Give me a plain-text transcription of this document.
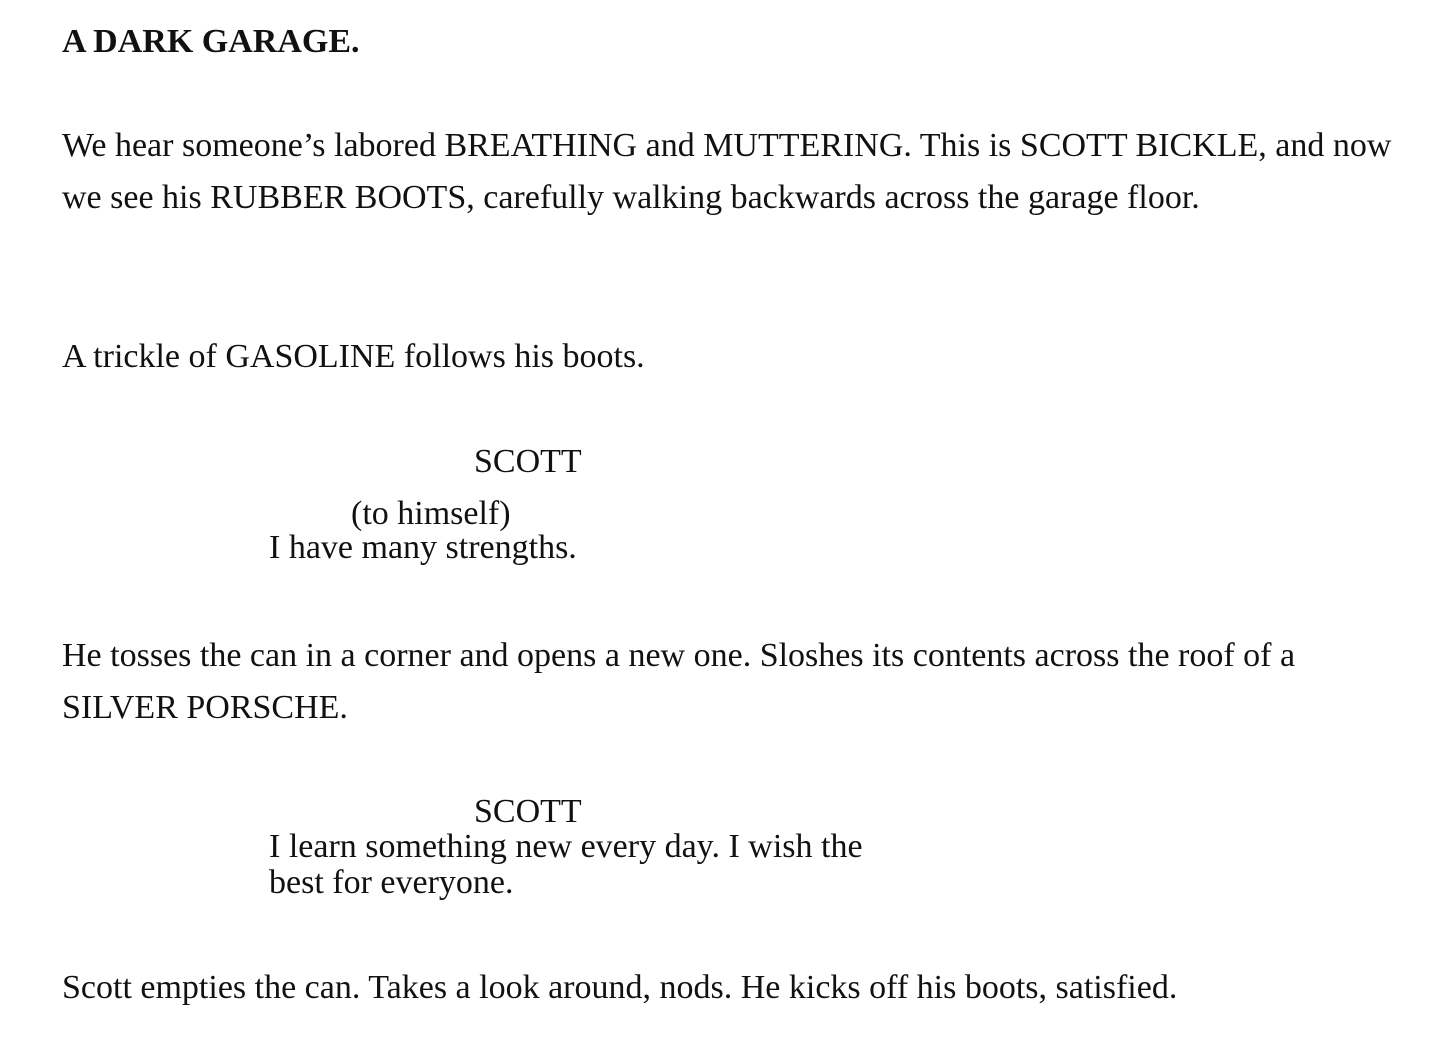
A DARK GARAGE.

We hear someone’s labored BREATHING and MUTTERING. This is SCOTT BICKLE, and now we see his RUBBER BOOTS, carefully walking backwards across the garage floor.

A trickle of GASOLINE follows his boots.

SCOTT

(to himself)

I have many strengths.

He tosses the can in a corner and opens a new one. Sloshes its contents across the roof of a SILVER PORSCHE.

SCOTT

I learn something new every day. I wish the
best for everyone.

Scott empties the can. Takes a look around, nods. He kicks off his boots, satisfied.
